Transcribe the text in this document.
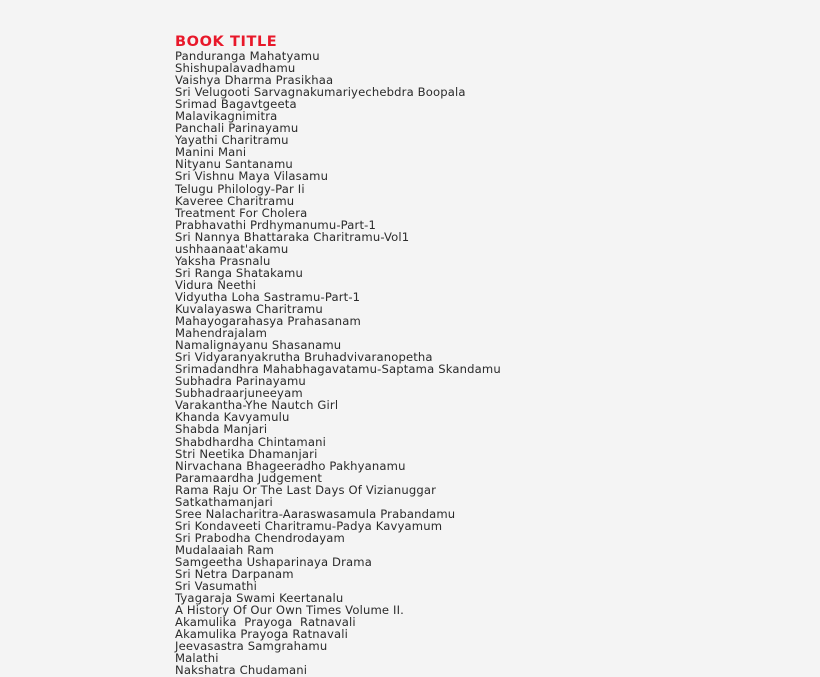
BOOK TITLE
Panduranga Mahatyamu
Shishupalavadhamu
Vaishya Dharma Prasikhaa
Sri Velugooti Sarvagnakumariyechebdra Boopala
Srimad Bagavtgeeta
Malavikagnimitra
Panchali Parinayamu
Yayathi Charitramu
Manini Mani
Nityanu Santanamu
Sri Vishnu Maya Vilasamu
Telugu Philology-Par Ii
Kaveree Charitramu
Treatment For Cholera
Prabhavathi Prdhymanumu-Part-1
Sri Nannya Bhattaraka Charitramu-Vol1
ushhaanaat'akamu
Yaksha Prasnalu
Sri Ranga Shatakamu
Vidura Neethi
Vidyutha Loha Sastramu-Part-1
Kuvalayaswa Charitramu
Mahayogarahasya Prahasanam
Mahendrajalam
Namalignayanu Shasanamu
Sri Vidyaranyakrutha Bruhadvivaranopetha
Srimadandhra Mahabhagavatamu-Saptama Skandamu
Subhadra Parinayamu
Subhadraarjuneeyam
Varakantha-Yhe Nautch Girl
Khanda Kavyamulu
Shabda Manjari
Shabdhardha Chintamani
Stri Neetika Dhamanjari
Nirvachana Bhageeradho Pakhyanamu
Paramaardha Judgement
Rama Raju Or The Last Days Of Vizianuggar
Satkathamanjari
Sree Nalacharitra-Aaraswasamula Prabandamu
Sri Kondaveeti Charitramu-Padya Kavyamum
Sri Prabodha Chendrodayam
Mudalaaiah Ram
Samgeetha Ushaparinaya Drama
Sri Netra Darpanam
Sri Vasumathi
Tyagaraja Swami Keertanalu
A History Of Our Own Times Volume II.
Akamulika  Prayoga  Ratnavali
Akamulika Prayoga Ratnavali
Jeevasastra Samgrahamu
Malathi
Nakshatra Chudamani
